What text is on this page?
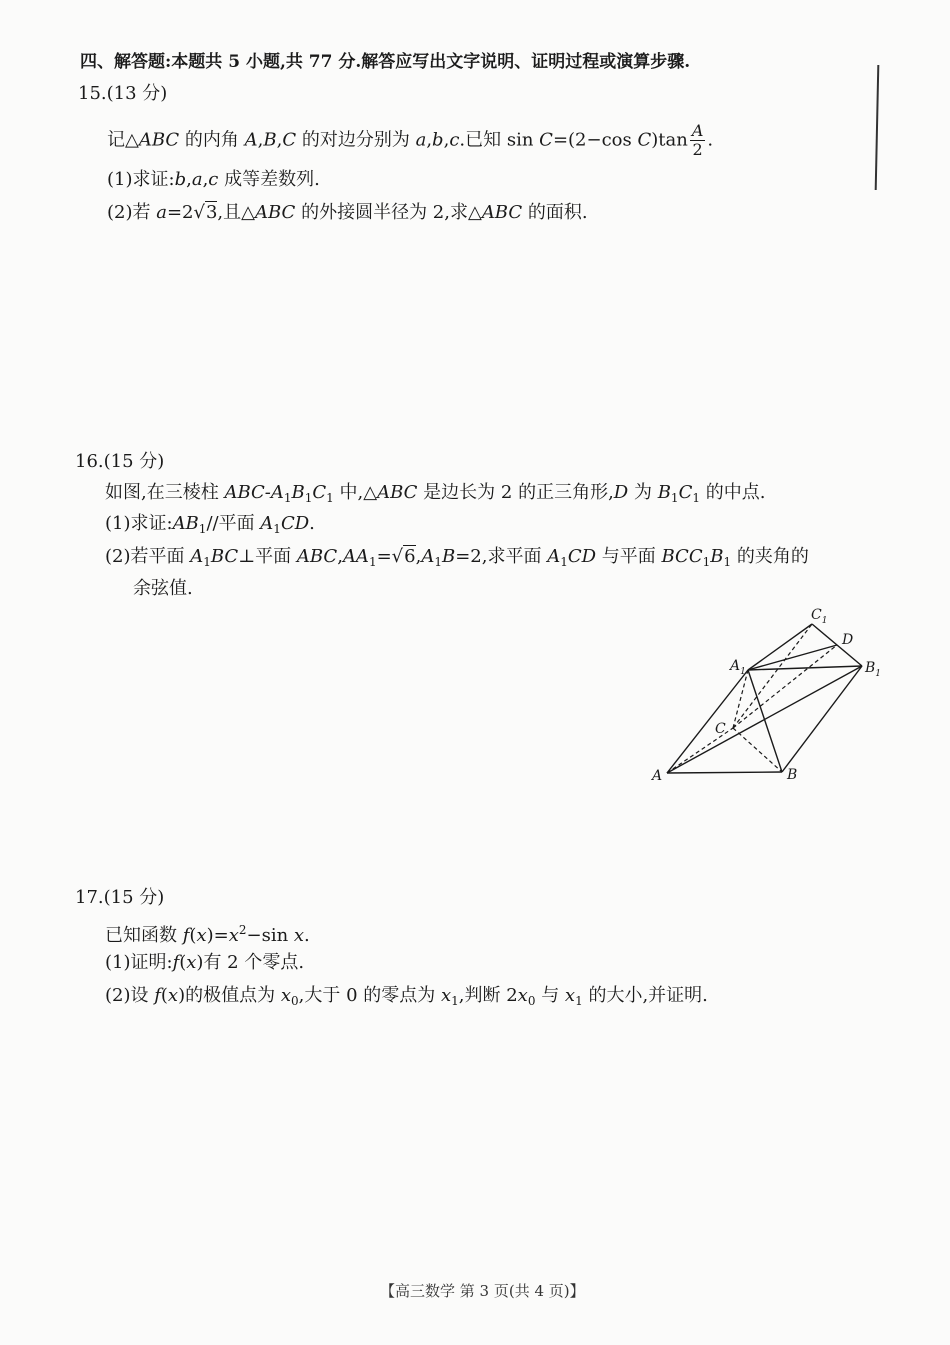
四、解答题:本题共 5 小题,共 77 分.解答应写出文字说明、证明过程或演算步骤.
15.(13 分)
记△ABC 的内角 A,B,C 的对边分别为 a,b,c.已知 sin C=(2−cos $C)\tan \frac{A}{2}$ .
(1)求证:b,a,c 成等差数列.
(2)若 a=2√3,且△ABC 的外接圆半径为 2,求△ABC 的面积.
16.(15 分)
如图,在三棱柱 ABC-$A_1B_1C_1$ 中,△ABC 是边长为 2 的正三角形,D 为 $B_1C_1$ 的中点.
(1)求证$:AB_1//$平面 $A_1CD$.
(2)若平面 $A_1BC\perp$平面 $ABC,AA_1=√6,A_1B=2$,求平面 $A_1CD$ 与平面 $BCC_1B_1$ 的夹角的
余弦值.
$C_1$
D
$A_1$	$B_1$
C
A	B
17.(15 分)
已知函数 $f(x)=x^2-\sin$ x.
(1)证明:f(x)有 2 个零点.
(2)设 f(x)的极值点为 $x_0$,大于 0 的零点为 $x_1$,判断 $2x_0$ 与 $x_1$ 的大小,并证明.
【高三数学 第 3 页(共 4 页)】
